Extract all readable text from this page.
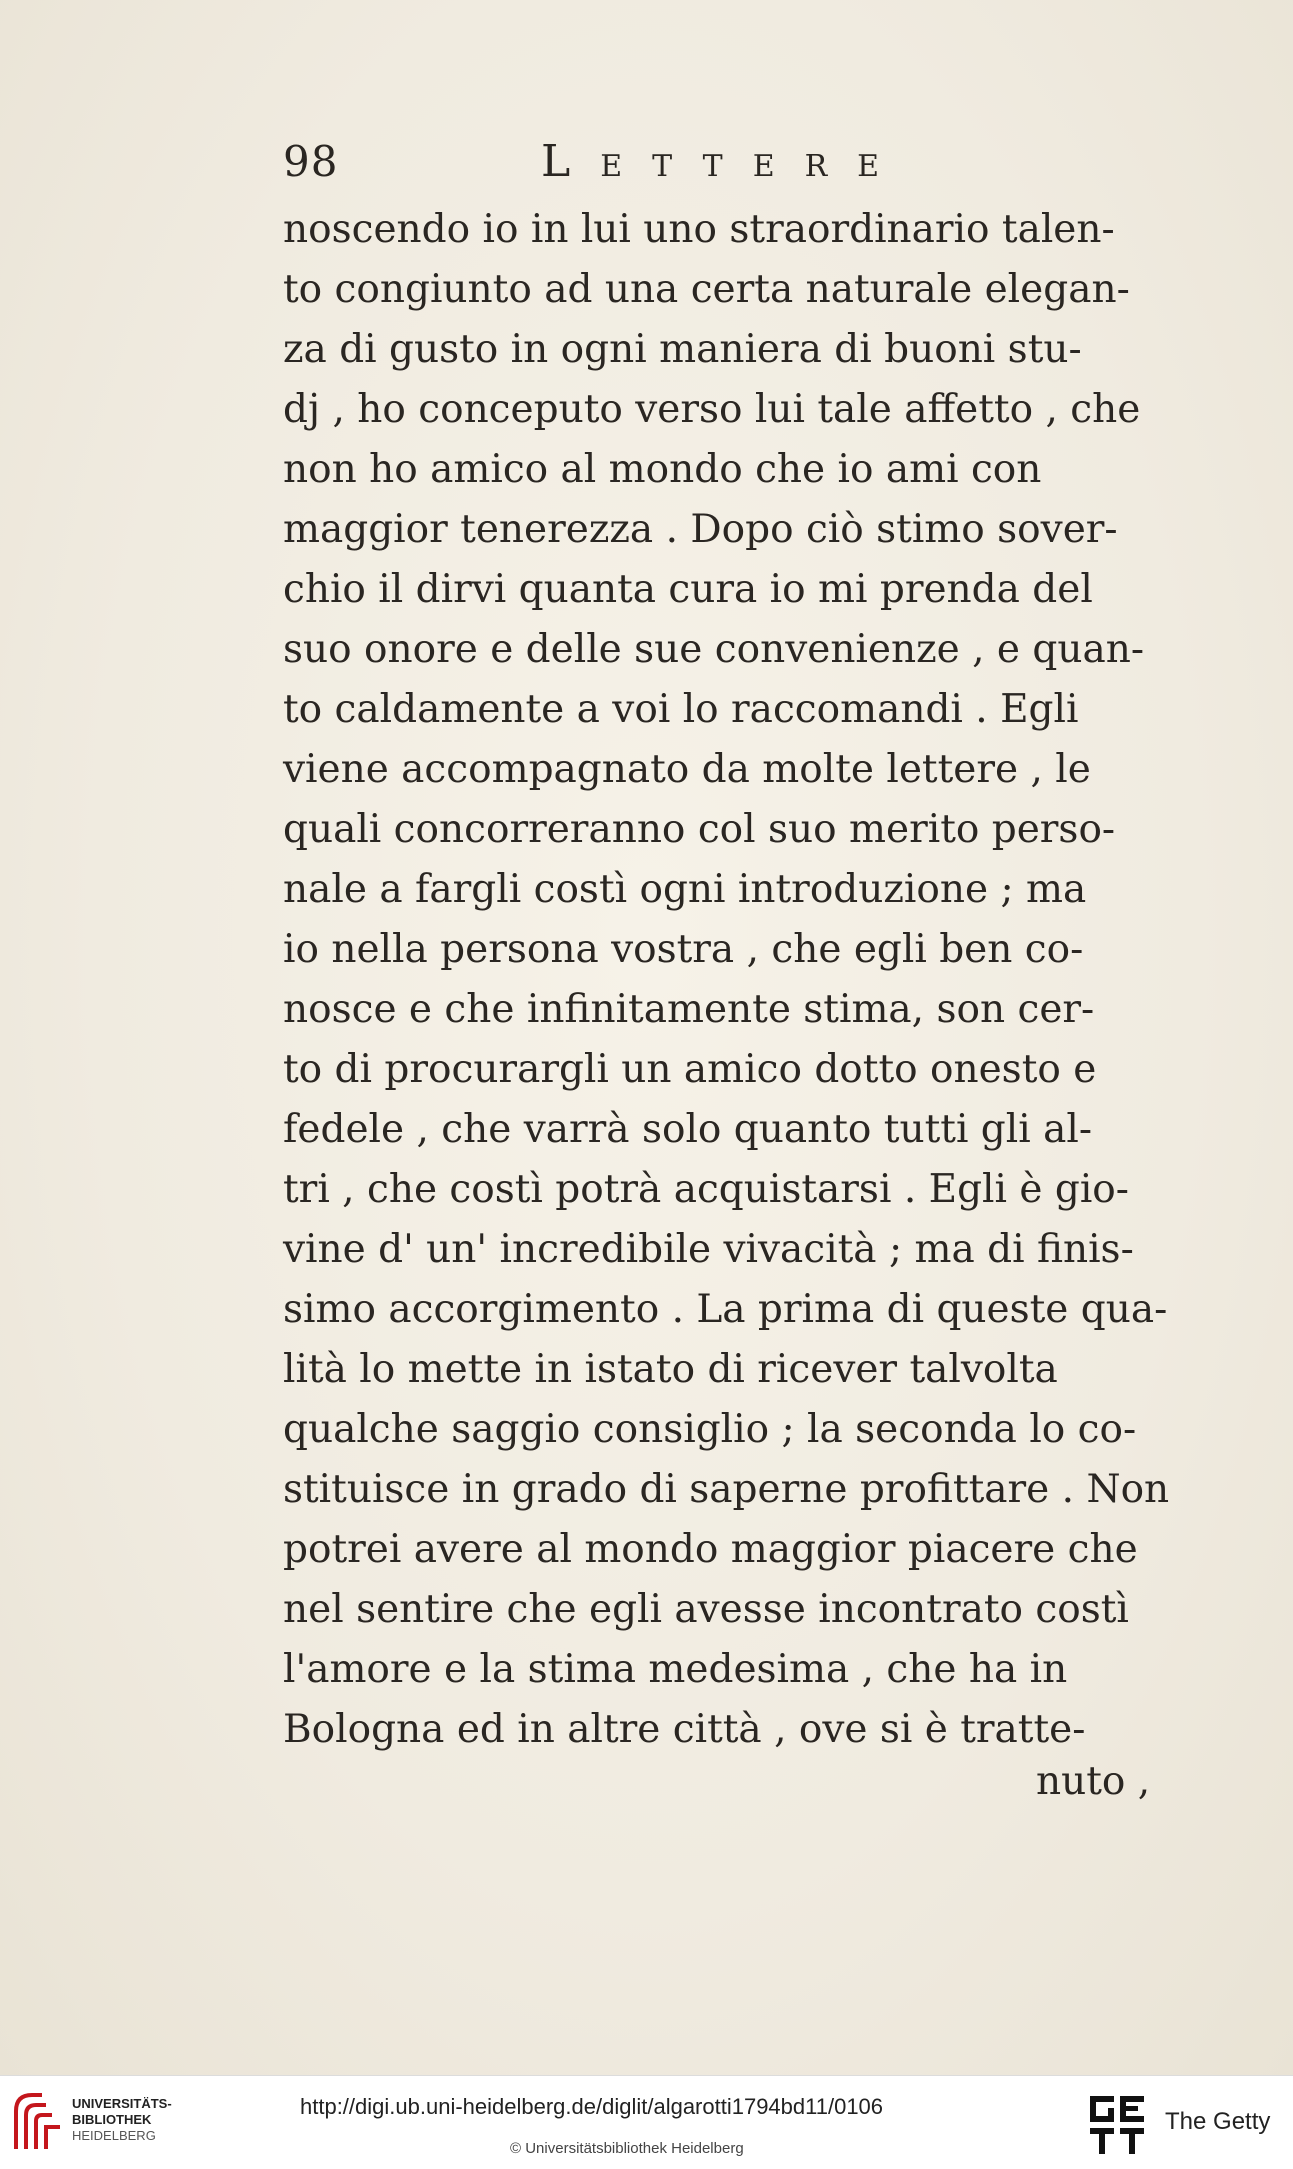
98	LETTERE
noscendo io in lui uno straordinario talen-
to congiunto ad una certa naturale elegan-
za di gusto in ogni maniera di buoni stu-
dj , ho conceputo verso lui tale affetto , che
non ho amico al mondo che io ami con
maggior tenerezza . Dopo ciò stimo sover-
chio il dirvi quanta cura io mi prenda del
suo onore e delle sue convenienze , e quan-
to caldamente a voi lo raccomandi . Egli
viene accompagnato da molte lettere , le
quali concorreranno col suo merito perso-
nale a fargli costì ogni introduzione ; ma
io nella persona vostra , che egli ben co-
nosce e che infinitamente stima, son cer-
to di procurargli un amico dotto onesto e
fedele , che varrà solo quanto tutti gli al-
tri , che costì potrà acquistarsi . Egli è gio-
vine d' un' incredibile vivacità ; ma di finis-
simo accorgimento . La prima di queste qua-
lità lo mette in istato di ricever talvolta
qualche saggio consiglio ; la seconda lo co-
stituisce in grado di saperne profittare . Non
potrei avere al mondo maggior piacere che
nel sentire che egli avesse incontrato costì
l'amore e la stima medesima , che ha in
Bologna ed in altre città , ove si è tratte-
nuto ,
UNIVERSITÄTS-
BIBLIOTHEK
HEIDELBERG
http://digi.ub.uni-heidelberg.de/diglit/algarotti1794bd11/0106
© Universitätsbibliothek Heidelberg
The Getty
